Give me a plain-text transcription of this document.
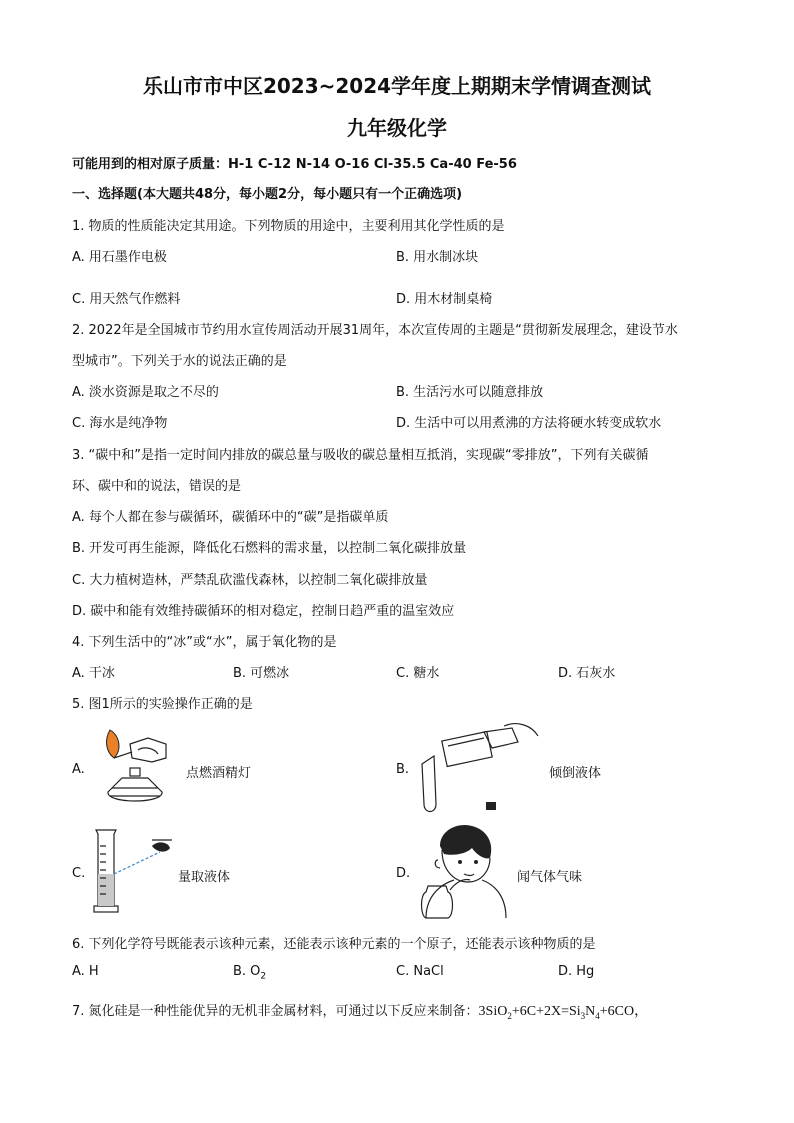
乐山市市中区2023~2024学年度上期期末学情调查测试
九年级化学
可能用到的相对原子质量：H-1 C-12 N-14 O-16 Cl-35.5 Ca-40 Fe-56
一、选择题(本大题共48分，每小题2分，每小题只有一个正确选项)
1. 物质的性质能决定其用途。下列物质的用途中，主要利用其化学性质的是
A. 用石墨作电极	B. 用水制冰块
C. 用天然气作燃料	D. 用木材制桌椅
2. 2022年是全国城市节约用水宣传周活动开展31周年，本次宣传周的主题是“贯彻新发展理念，建设节水
型城市”。下列关于水的说法正确的是
A. 淡水资源是取之不尽的	B. 生活污水可以随意排放
C. 海水是纯净物	D. 生活中可以用煮沸的方法将硬水转变成软水
3. “碳中和”是指一定时间内排放的碳总量与吸收的碳总量相互抵消，实现碳“零排放”，下列有关碳循
环、碳中和的说法，错误的是
A. 每个人都在参与碳循环，碳循环中的“碳”是指碳单质
B. 开发可再生能源，降低化石燃料的需求量，以控制二氧化碳排放量
C. 大力植树造林，严禁乱砍滥伐森林，以控制二氧化碳排放量
D. 碳中和能有效维持碳循环的相对稳定，控制日趋严重的温室效应
4. 下列生活中的“冰”或“水”，属于氧化物的是
A. 干冰	B. 可燃冰	C. 糖水	D. 石灰水
5. 图1所示的实验操作正确的是
A.	点燃酒精灯	B.	倾倒液体
C.	量取液体	D.	闻气体气味
6. 下列化学符号既能表示该种元素，还能表示该种元素的一个原子，还能表示该种物质的是
A. H	B. $O_2$	C. NaCl	D. Hg
7. 氮化硅是一种性能优异的无机非金属材料，可通过以下反应来制备：$3SiO_2+6C+2X=Si_3N_4+6CO$，
